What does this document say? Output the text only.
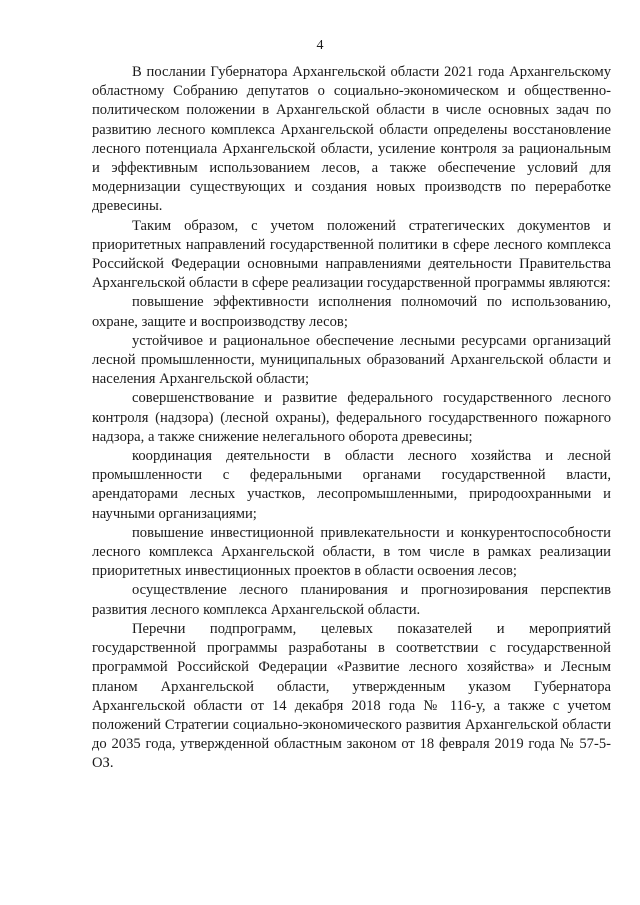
4

В послании Губернатора Архангельской области 2021 года Архангельскому областному Собранию депутатов о социально-экономическом и общественно-политическом положении в Архангельской области в числе основных задач по развитию лесного комплекса Архангельской области определены восстановление лесного потенциала Архангельской области, усиление контроля за рациональным и эффективным использованием лесов, а также обеспечение условий для модернизации существующих и создания новых производств по переработке древесины.

Таким образом, с учетом положений стратегических документов и приоритетных направлений государственной политики в сфере лесного комплекса Российской Федерации основными направлениями деятельности Правительства Архангельской области в сфере реализации государственной программы являются:

повышение эффективности исполнения полномочий по использованию, охране, защите и воспроизводству лесов;

устойчивое и рациональное обеспечение лесными ресурсами организаций лесной промышленности, муниципальных образований Архангельской области и населения Архангельской области;

совершенствование и развитие федерального государственного лесного контроля (надзора) (лесной охраны), федерального государственного пожарного надзора, а также снижение нелегального оборота древесины;

координация деятельности в области лесного хозяйства и лесной промышленности с федеральными органами государственной власти, арендаторами лесных участков, лесопромышленными, природоохранными и научными организациями;

повышение инвестиционной привлекательности и конкурентоспособности лесного комплекса Архангельской области, в том числе в рамках реализации приоритетных инвестиционных проектов в области освоения лесов;

осуществление лесного планирования и прогнозирования перспектив развития лесного комплекса Архангельской области.

Перечни подпрограмм, целевых показателей и мероприятий государственной программы разработаны в соответствии с государственной программой Российской Федерации «Развитие лесного хозяйства» и Лесным планом Архангельской области, утвержденным указом Губернатора Архангельской области от 14 декабря 2018 года № 116-у, а также с учетом положений Стратегии социально-экономического развития Архангельской области до 2035 года, утвержденной областным законом от 18 февраля 2019 года № 57-5-ОЗ.
